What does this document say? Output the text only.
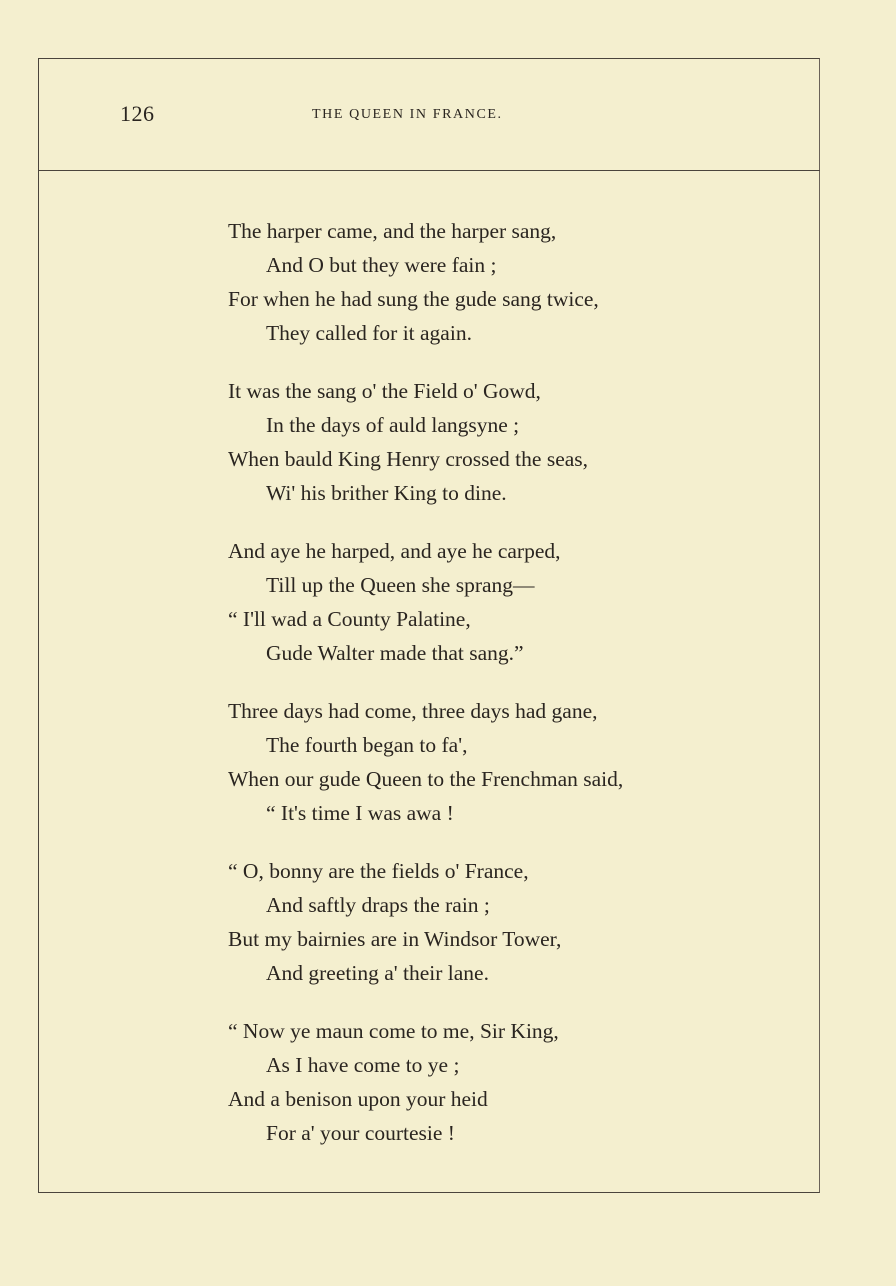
126	THE QUEEN IN FRANCE.
The harper came, and the harper sang,
And O but they were fain ;
For when he had sung the gude sang twice,
They called for it again.
It was the sang o' the Field o' Gowd,
In the days of auld langsyne ;
When bauld King Henry crossed the seas,
Wi' his brither King to dine.
And aye he harped, and aye he carped,
Till up the Queen she sprang—
“ I'll wad a County Palatine,
Gude Walter made that sang.”
Three days had come, three days had gane,
The fourth began to fa',
When our gude Queen to the Frenchman said,
“ It's time I was awa !
“ O, bonny are the fields o' France,
And saftly draps the rain ;
But my bairnies are in Windsor Tower,
And greeting a' their lane.
“ Now ye maun come to me, Sir King,
As I have come to ye ;
And a benison upon your heid
For a' your courtesie !
